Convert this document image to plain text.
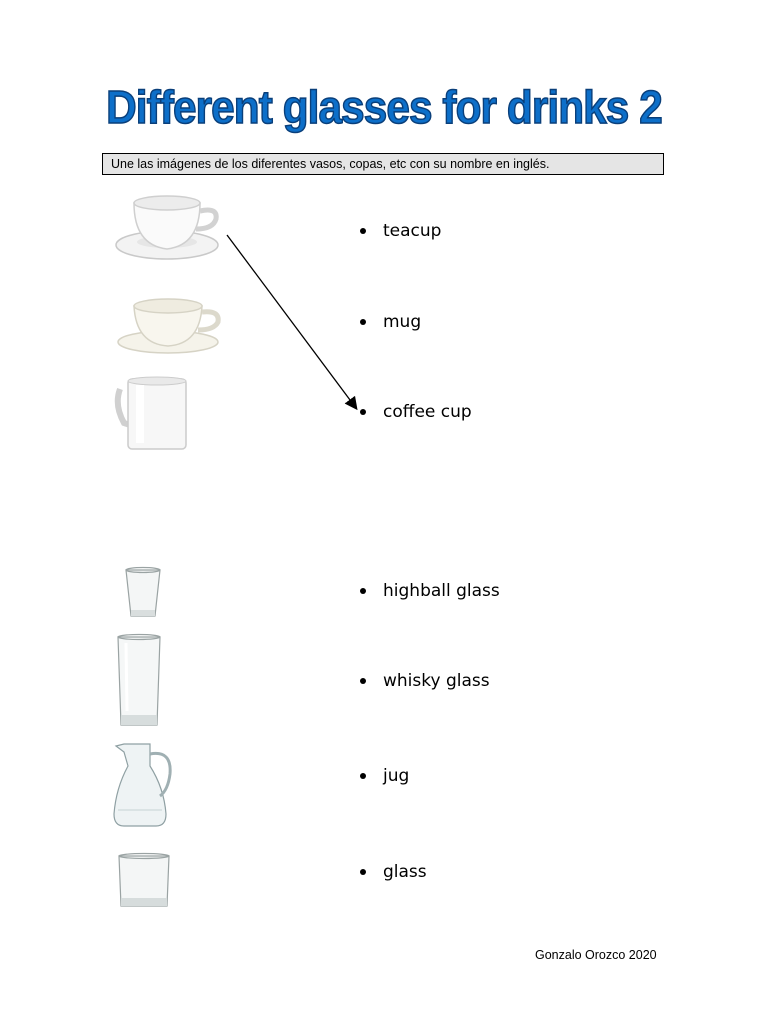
Different glasses for drinks 2
Une las imágenes de los diferentes vasos, copas, etc con su nombre en inglés.
teacup
mug
coffee cup
highball glass
whisky glass
jug
glass
Gonzalo Orozco 2020
